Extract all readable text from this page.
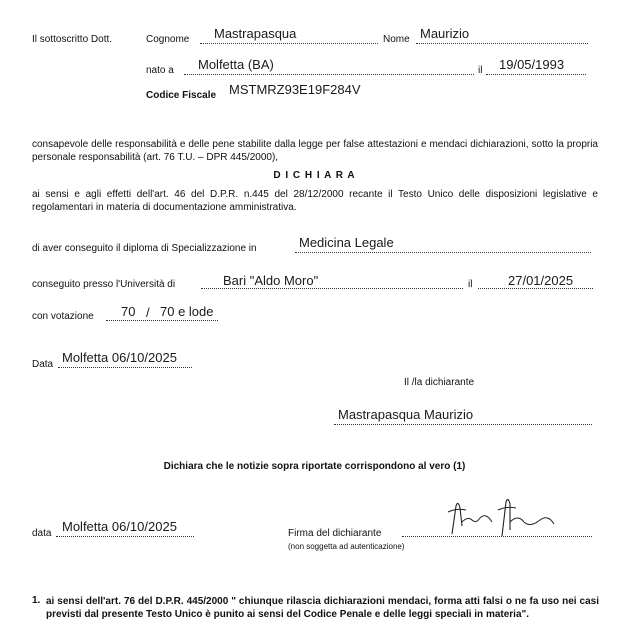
Il sottoscritto Dott.	Cognome Mastrapasqua	Nome Maurizio
nato a Molfetta (BA)	il 19/05/1993
Codice Fiscale MSTMRZ93E19F284V
consapevole delle responsabilità e delle pene stabilite dalla legge per false attestazioni e mendaci dichiarazioni, sotto la propria personale responsabilità (art. 76 T.U. – DPR 445/2000),
D I C H I A R A
ai sensi e agli effetti dell'art. 46 del D.P.R. n.445 del 28/12/2000 recante il Testo Unico delle disposizioni legislative e regolamentari in materia di documentazione amministrativa.
di aver conseguito il diploma di Specializzazione in	Medicina Legale
conseguito presso l'Università di	Bari "Aldo Moro"	il	27/01/2025
con votazione 70 / 70 e lode
Data Molfetta 06/10/2025
Il /la dichiarante
Mastrapasqua Maurizio
Dichiara che le notizie sopra riportate corrispondono al vero (1)
data Molfetta 06/10/2025	Firma del dichiarante
(non soggetta ad autenticazione)
1. ai sensi dell'art. 76 del D.P.R. 445/2000 " chiunque rilascia dichiarazioni mendaci, forma atti falsi o ne fa uso nei casi previsti dal presente Testo Unico è punito ai sensi del Codice Penale e delle leggi speciali in materia".
